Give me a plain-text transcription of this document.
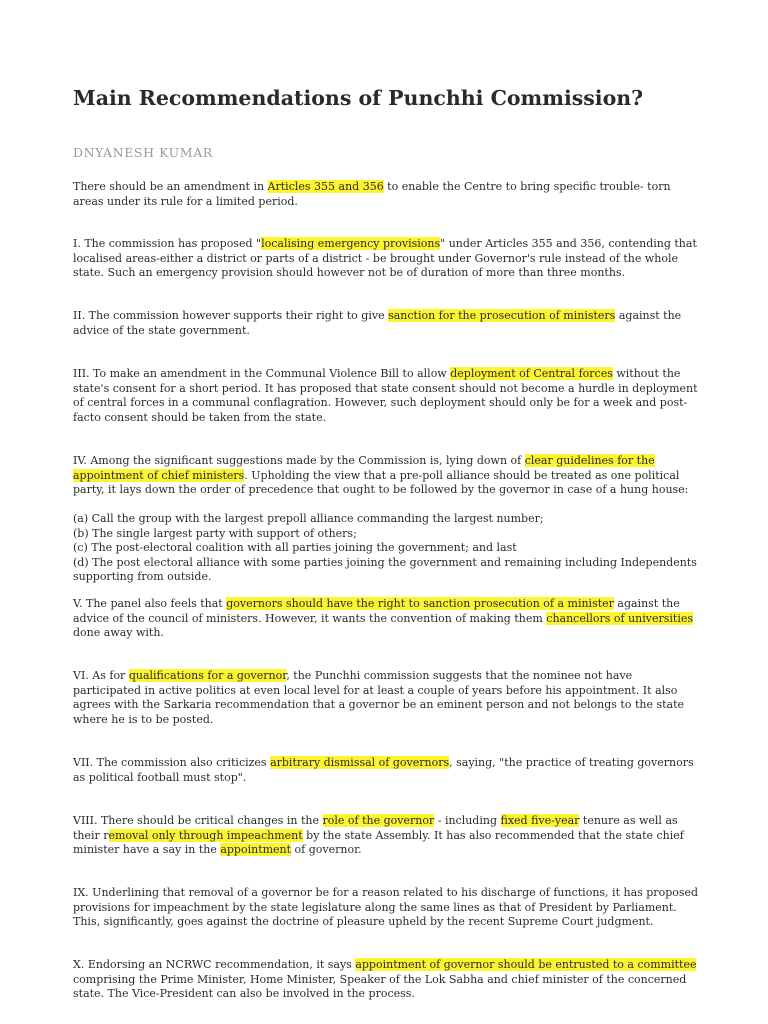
Main Recommendations of Punchhi Commission?
DNYANESH KUMAR

There should be an amendment in Articles 355 and 356 to enable the Centre to bring specific trouble- torn areas under its rule for a limited period.

I. The commission has proposed "localising emergency provisions" under Articles 355 and 356, contending that localised areas-either a district or parts of a district - be brought under Governor's rule instead of the whole state. Such an emergency provision should however not be of duration of more than three months.

II. The commission however supports their right to give sanction for the prosecution of ministers against the advice of the state government.

III. To make an amendment in the Communal Violence Bill to allow deployment of Central forces without the state's consent for a short period. It has proposed that state consent should not become a hurdle in deployment of central forces in a communal conflagration. However, such deployment should only be for a week and post-facto consent should be taken from the state.

IV. Among the significant suggestions made by the Commission is, lying down of clear guidelines for the appointment of chief ministers. Upholding the view that a pre-poll alliance should be treated as one political party, it lays down the order of precedence that ought to be followed by the governor in case of a hung house:

(a) Call the group with the largest prepoll alliance commanding the largest number;
(b) The single largest party with support of others;
(c) The post-electoral coalition with all parties joining the government; and last
(d) The post electoral alliance with some parties joining the government and remaining including Independents supporting from outside.

V. The panel also feels that governors should have the right to sanction prosecution of a minister against the advice of the council of ministers. However, it wants the convention of making them chancellors of universities done away with.

VI. As for qualifications for a governor, the Punchhi commission suggests that the nominee not have participated in active politics at even local level for at least a couple of years before his appointment. It also agrees with the Sarkaria recommendation that a governor be an eminent person and not belongs to the state where he is to be posted.

VII. The commission also criticizes arbitrary dismissal of governors, saying, "the practice of treating governors as political football must stop".

VIII. There should be critical changes in the role of the governor - including fixed five-year tenure as well as their removal only through impeachment by the state Assembly. It has also recommended that the state chief minister have a say in the appointment of governor.

IX. Underlining that removal of a governor be for a reason related to his discharge of functions, it has proposed provisions for impeachment by the state legislature along the same lines as that of President by Parliament. This, significantly, goes against the doctrine of pleasure upheld by the recent Supreme Court judgment.

X. Endorsing an NCRWC recommendation, it says appointment of governor should be entrusted to a committee comprising the Prime Minister, Home Minister, Speaker of the Lok Sabha and chief minister of the concerned state. The Vice-President can also be involved in the process.
